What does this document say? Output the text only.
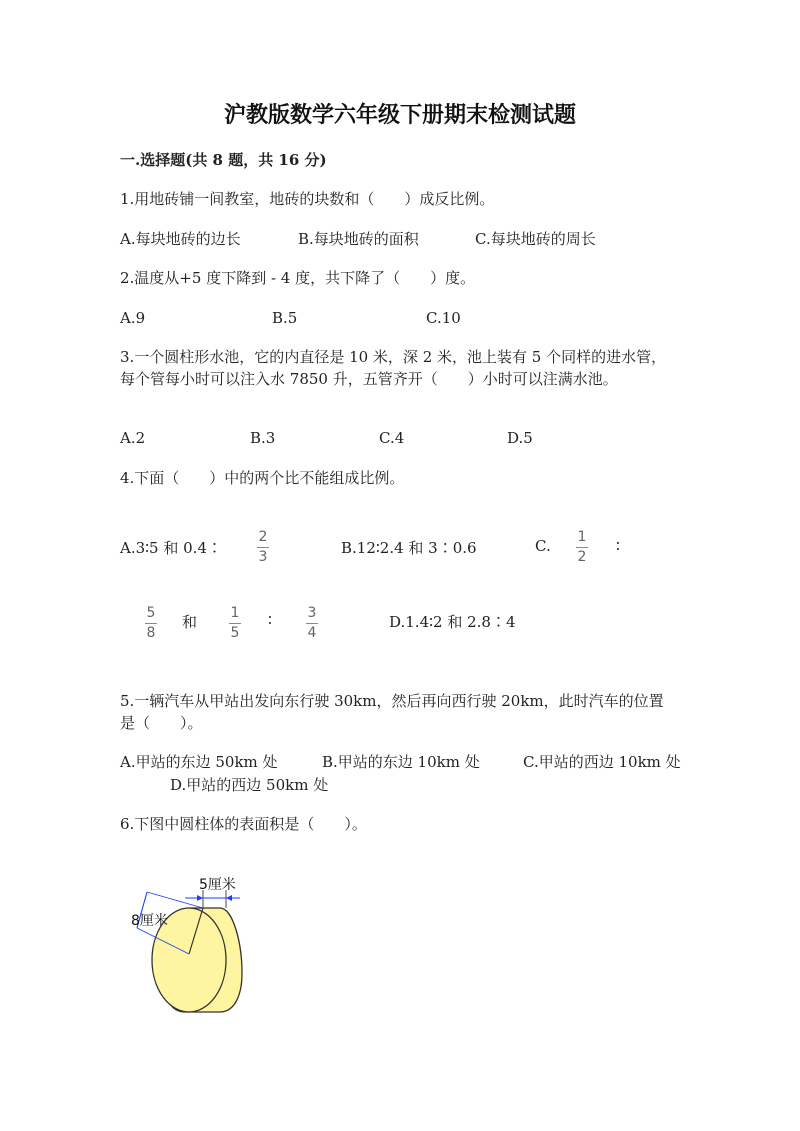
沪教版数学六年级下册期末检测试题
一.选择题(共 8 题，共 16 分)
1.用地砖铺一间教室，地砖的块数和（　　）成反比例。
A.每块地砖的边长	B.每块地砖的面积	C.每块地砖的周长
2.温度从+5 度下降到 - 4 度，共下降了（　　）度。
A.9	B.5	C.10
3.一个圆柱形水池，它的内直径是 10 米，深 2 米，池上装有 5 个同样的进水管，每个管每小时可以注入水 7850 升，五管齐开（　　）小时可以注满水池。
A.2	B.3	C.4	D.5
4.下面（　　）中的两个比不能组成比例。
A.3∶5 和 0.4∶
2
3	B.12∶2.4 和 3∶0.6	C. 1
2
∶
5
8
和 1
5
∶	3
4
D.1.4∶2 和 2.8∶4
5.一辆汽车从甲站出发向东行驶 30km，然后再向西行驶 20km，此时汽车的位置是（　　）。
A.甲站的东边 50km 处	B.甲站的东边 10km 处	C.甲站的西边 10km 处
D.甲站的西边 50km 处
6.下图中圆柱体的表面积是（　　）。
5厘米
8厘米
